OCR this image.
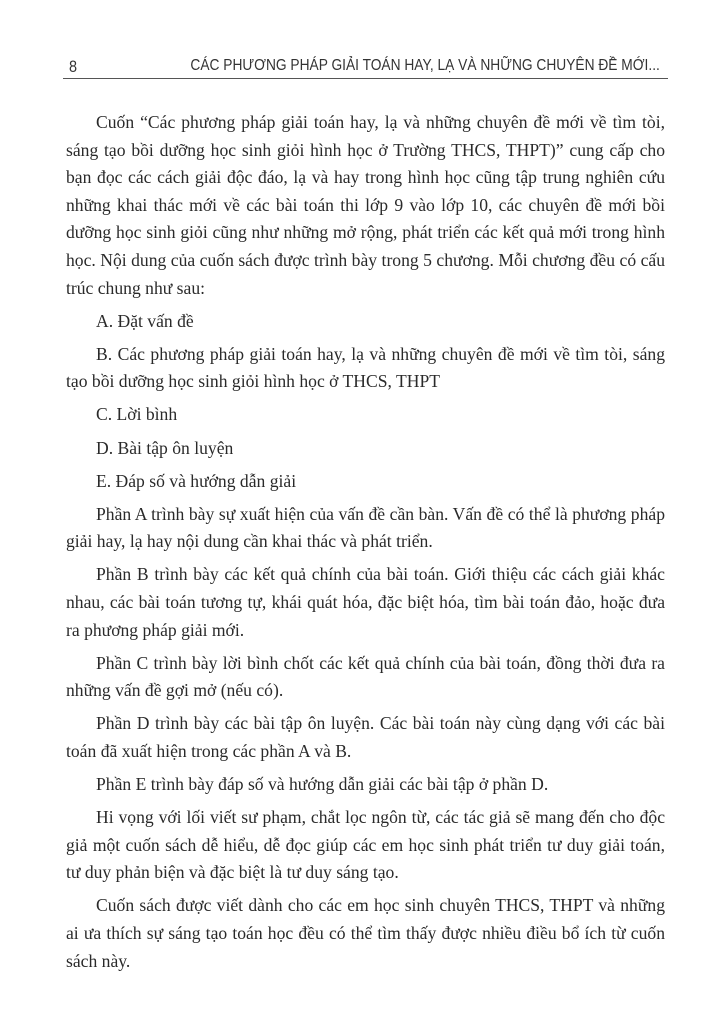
8	CÁC PHƯƠNG PHÁP GIẢI TOÁN HAY, LẠ VÀ NHỮNG CHUYÊN ĐỀ MỚI...

Cuốn “Các phương pháp giải toán hay, lạ và những chuyên đề mới về tìm tòi, sáng tạo bồi dưỡng học sinh giỏi hình học ở Trường THCS, THPT)” cung cấp cho bạn đọc các cách giải độc đáo, lạ và hay trong hình học cũng tập trung nghiên cứu những khai thác mới về các bài toán thi lớp 9 vào lớp 10, các chuyên đề mới bồi dưỡng học sinh giỏi cũng như những mở rộng, phát triển các kết quả mới trong hình học. Nội dung của cuốn sách được trình bày trong 5 chương. Mỗi chương đều có cấu trúc chung như sau:

A. Đặt vấn đề

B. Các phương pháp giải toán hay, lạ và những chuyên đề mới về tìm tòi, sáng tạo bồi dưỡng học sinh giỏi hình học ở THCS, THPT

C. Lời bình

D. Bài tập ôn luyện

E. Đáp số và hướng dẫn giải

Phần A trình bày sự xuất hiện của vấn đề cần bàn. Vấn đề có thể là phương pháp giải hay, lạ hay nội dung cần khai thác và phát triển.

Phần B trình bày các kết quả chính của bài toán. Giới thiệu các cách giải khác nhau, các bài toán tương tự, khái quát hóa, đặc biệt hóa, tìm bài toán đảo, hoặc đưa ra phương pháp giải mới.

Phần C trình bày lời bình chốt các kết quả chính của bài toán, đồng thời đưa ra những vấn đề gợi mở (nếu có).

Phần D trình bày các bài tập ôn luyện. Các bài toán này cùng dạng với các bài toán đã xuất hiện trong các phần A và B.

Phần E trình bày đáp số và hướng dẫn giải các bài tập ở phần D.

Hi vọng với lối viết sư phạm, chắt lọc ngôn từ, các tác giả sẽ mang đến cho độc giả một cuốn sách dễ hiểu, dễ đọc giúp các em học sinh phát triển tư duy giải toán, tư duy phản biện và đặc biệt là tư duy sáng tạo.

Cuốn sách được viết dành cho các em học sinh chuyên THCS, THPT và những ai ưa thích sự sáng tạo toán học đều có thể tìm thấy được nhiều điều bổ ích từ cuốn sách này.
